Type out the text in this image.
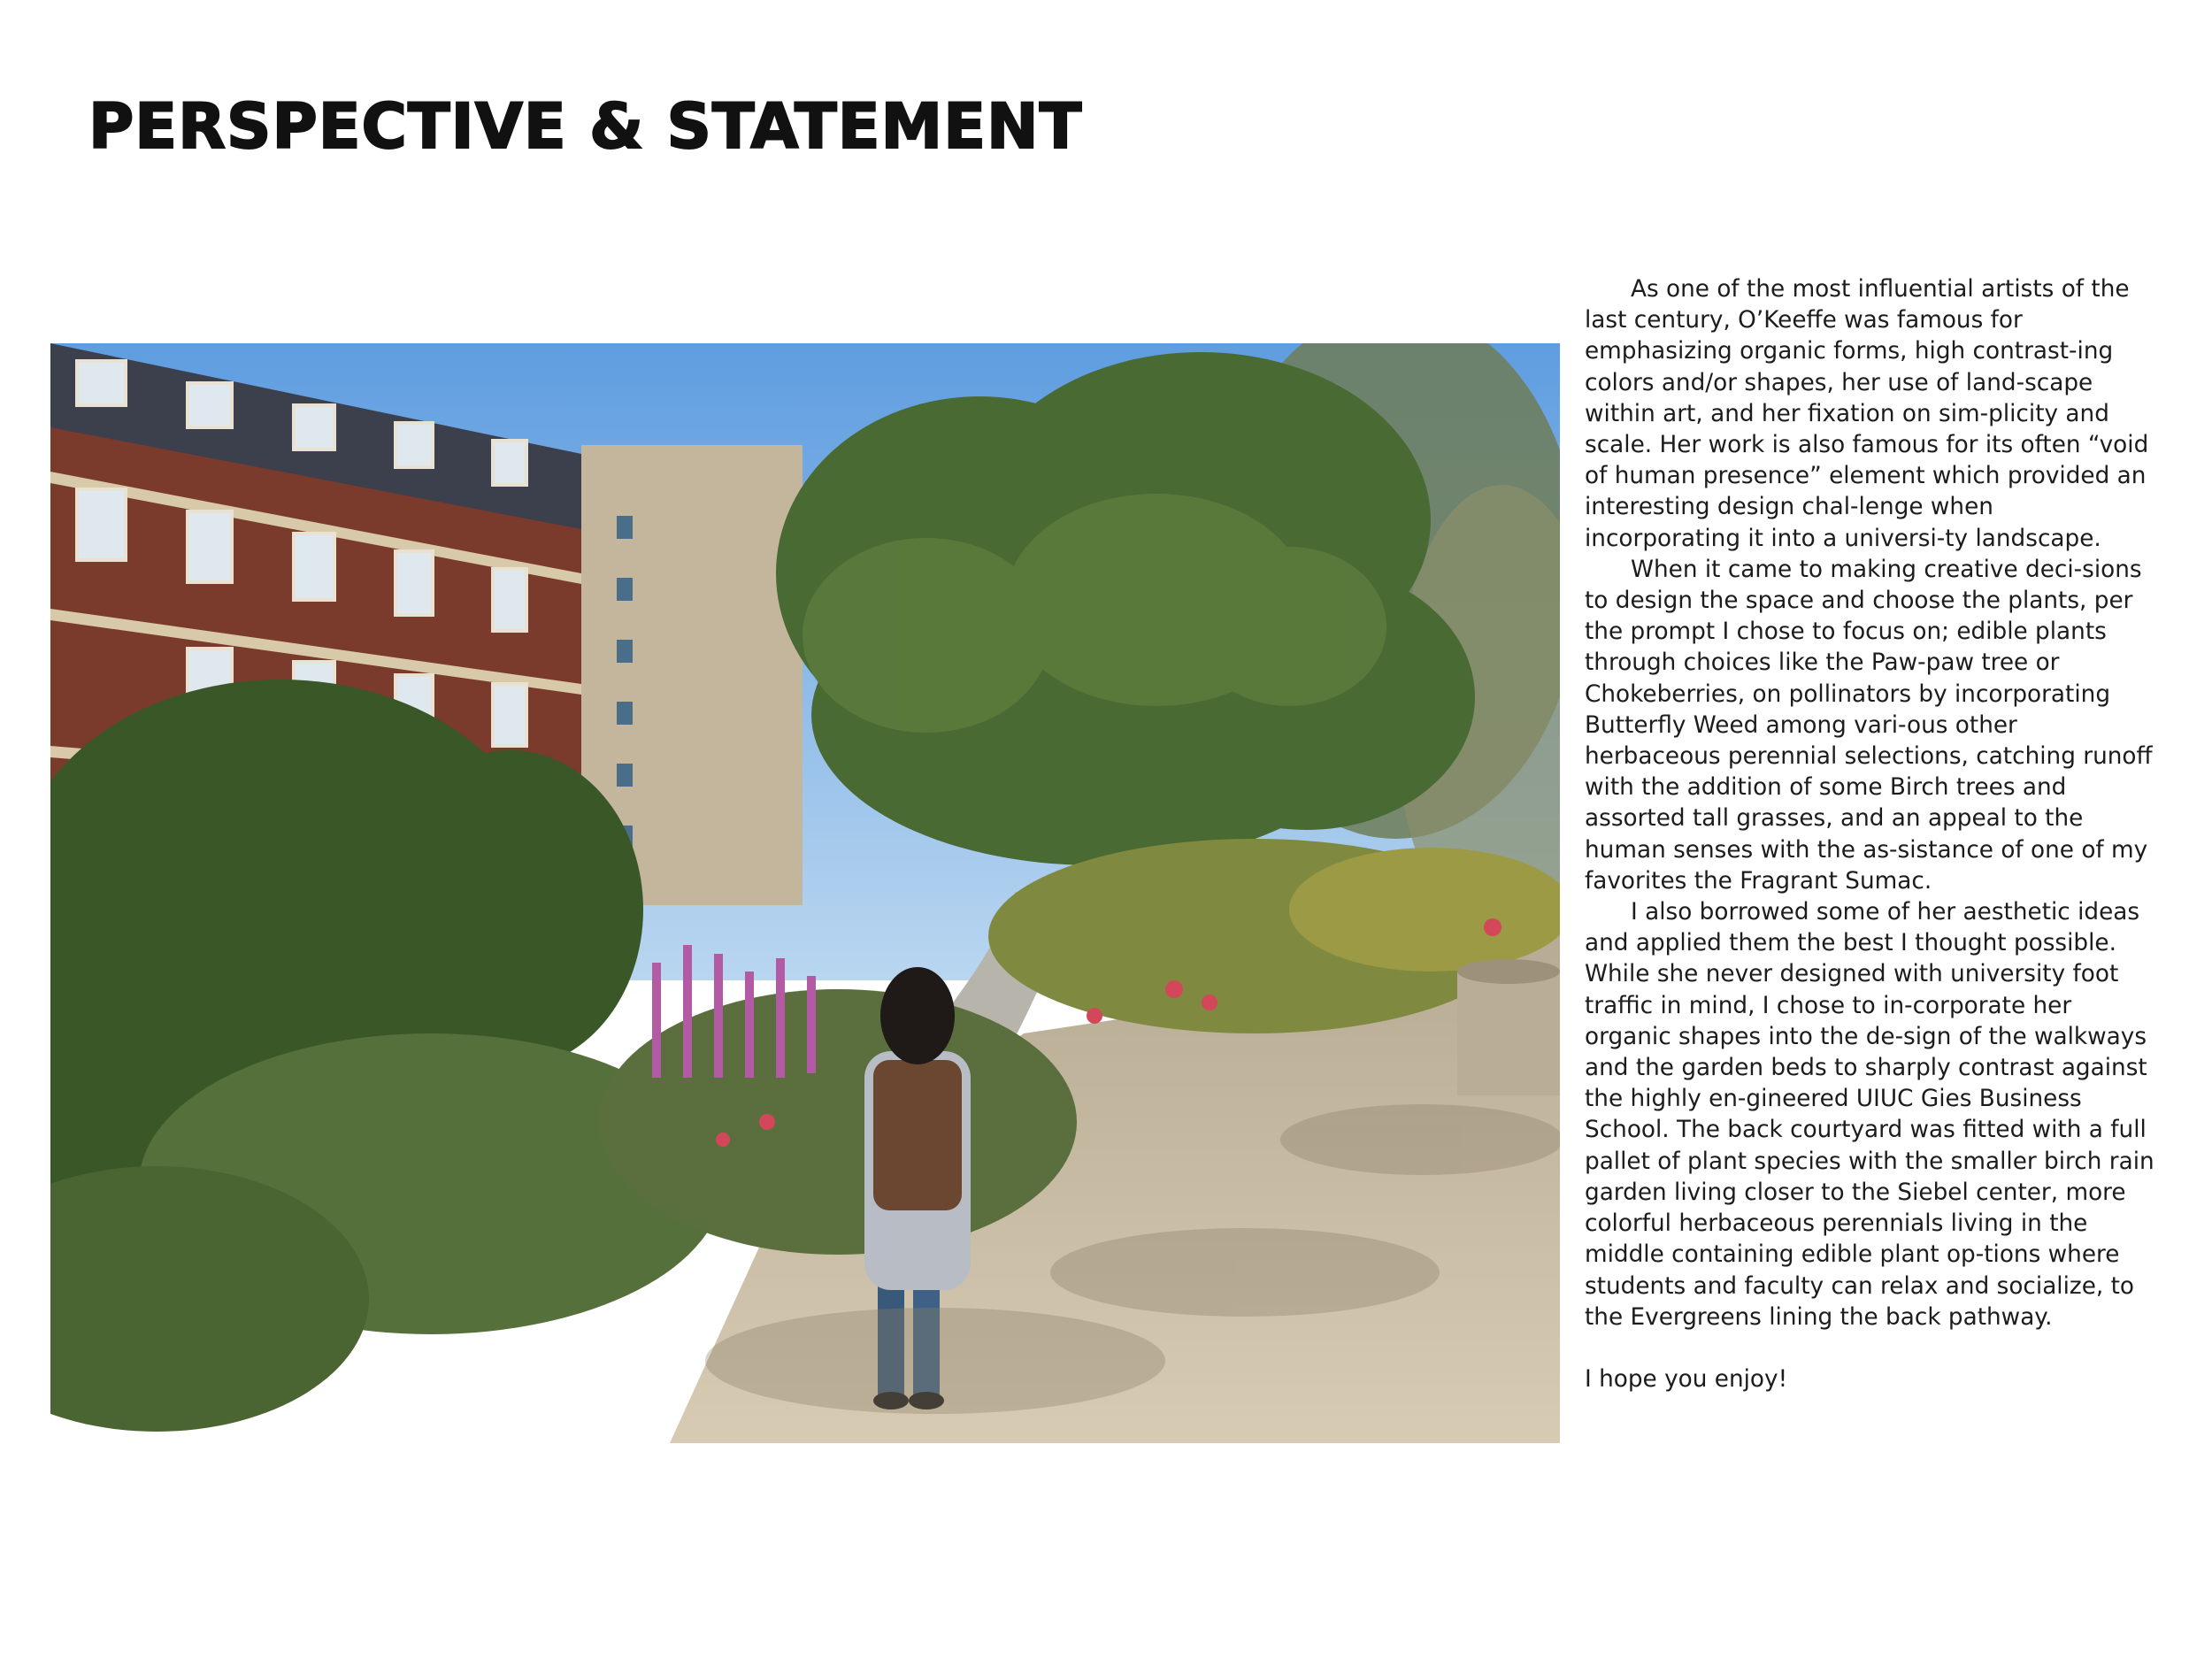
PERSPECTIVE & STATEMENT

As one of the most influential artists of the last century, O’Keeffe was famous for emphasizing organic forms, high contrast-ing colors and/or shapes, her use of land-scape within art, and her fixation on sim-plicity and scale. Her work is also famous for its often “void of human presence” element which provided an interesting design chal-lenge when incorporating it into a universi-ty landscape.

When it came to making creative deci-sions to design the space and choose the plants, per the prompt I chose to focus on; edible plants through choices like the Paw-paw tree or Chokeberries, on pollinators by incorporating Butterfly Weed among vari-ous other herbaceous perennial selections, catching runoff with the addition of some Birch trees and assorted tall grasses, and an appeal to the human senses with the as-sistance of one of my favorites the Fragrant Sumac.

I also borrowed some of her aesthetic ideas and applied them the best I thought possible. While she never designed with university foot traffic in mind, I chose to in-corporate her organic shapes into the de-sign of the walkways and the garden beds to sharply contrast against the highly en-gineered UIUC Gies Business School. The back courtyard was fitted with a full pallet of plant species with the smaller birch rain garden living closer to the Siebel center, more colorful herbaceous perennials living in the middle containing edible plant op-tions where students and faculty can relax and socialize, to the Evergreens lining the back pathway.

I hope you enjoy!
